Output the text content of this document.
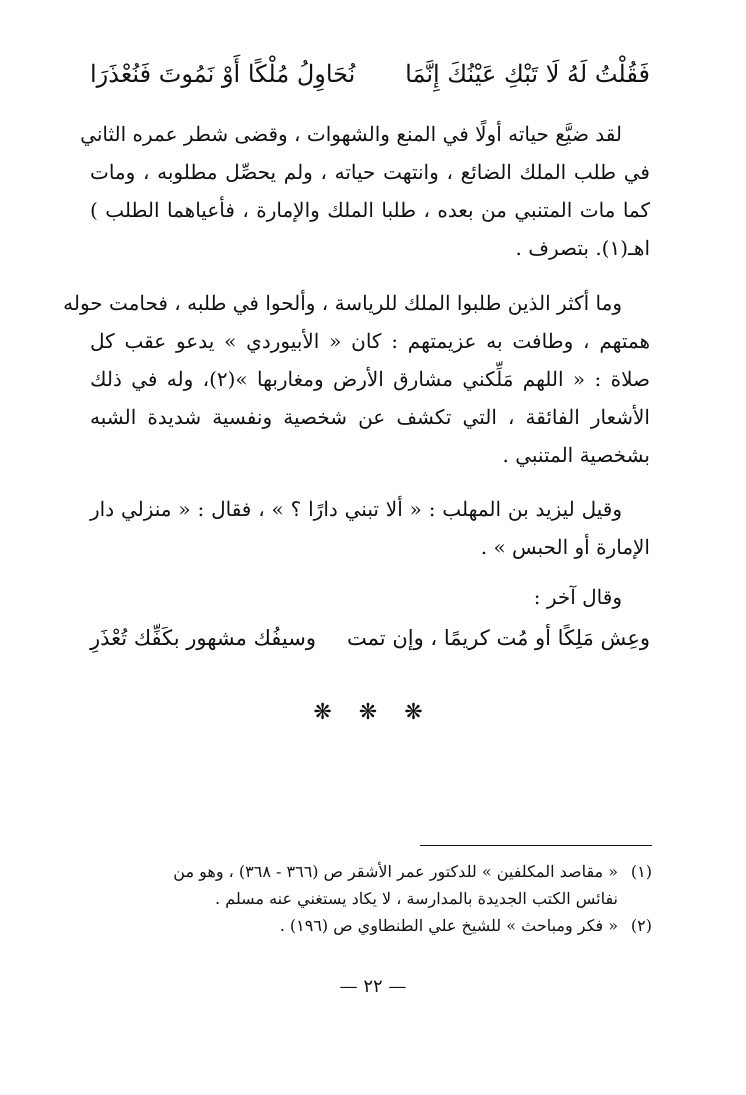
فَقُلْتُ لَهُ لَا تَبْكِ عَيْنُكَ إِنَّمَا
نُحَاوِلُ مُلْكًا أَوْ نَمُوتَ فَنُعْذَرَا
لقد ضيَّع حياته أولًا في المنع والشهوات ، وقضى شطر عمره الثاني
في طلب الملك الضائع ، وانتهت حياته ، ولم يحصِّل مطلوبه ، ومات
كما مات المتنبي من بعده ، طلبا الملك والإمارة ، فأعياهما الطلب )
اهـ(١). بتصرف .
وما أكثر الذين طلبوا الملك للرياسة ، وألحوا في طلبه ، فحامت حوله
همتهم ، وطافت به عزيمتهم : كان « الأبيوردي » يدعو عقب كل
صلاة : « اللهم مَلِّكني مشارق الأرض ومغاربها »(٢)، وله في ذلك
الأشعار الفائقة ، التي تكشف عن شخصية ونفسية شديدة الشبه
بشخصية المتنبي .
وقيل ليزيد بن المهلب : « ألا تبني دارًا ؟ » ، فقال : « منزلي دار
الإمارة أو الحبس » .
وقال آخر :
وعِش مَلِكًا أو مُت كريمًا ، وإن تمت
وسيفُك مشهور بكَفِّك تُعْذَرِ
❋ ❋ ❋
(١)« مقاصد المكلفين » للدكتور عمر الأشقر ص (٣٦٦ - ٣٦٨) ، وهو من
نفائس الكتب الجديدة بالمدارسة ، لا يكاد يستغني عنه مسلم .
(٢)« فكر ومباحث » للشيخ علي الطنطاوي ص (١٩٦) .
— ٢٢ —
